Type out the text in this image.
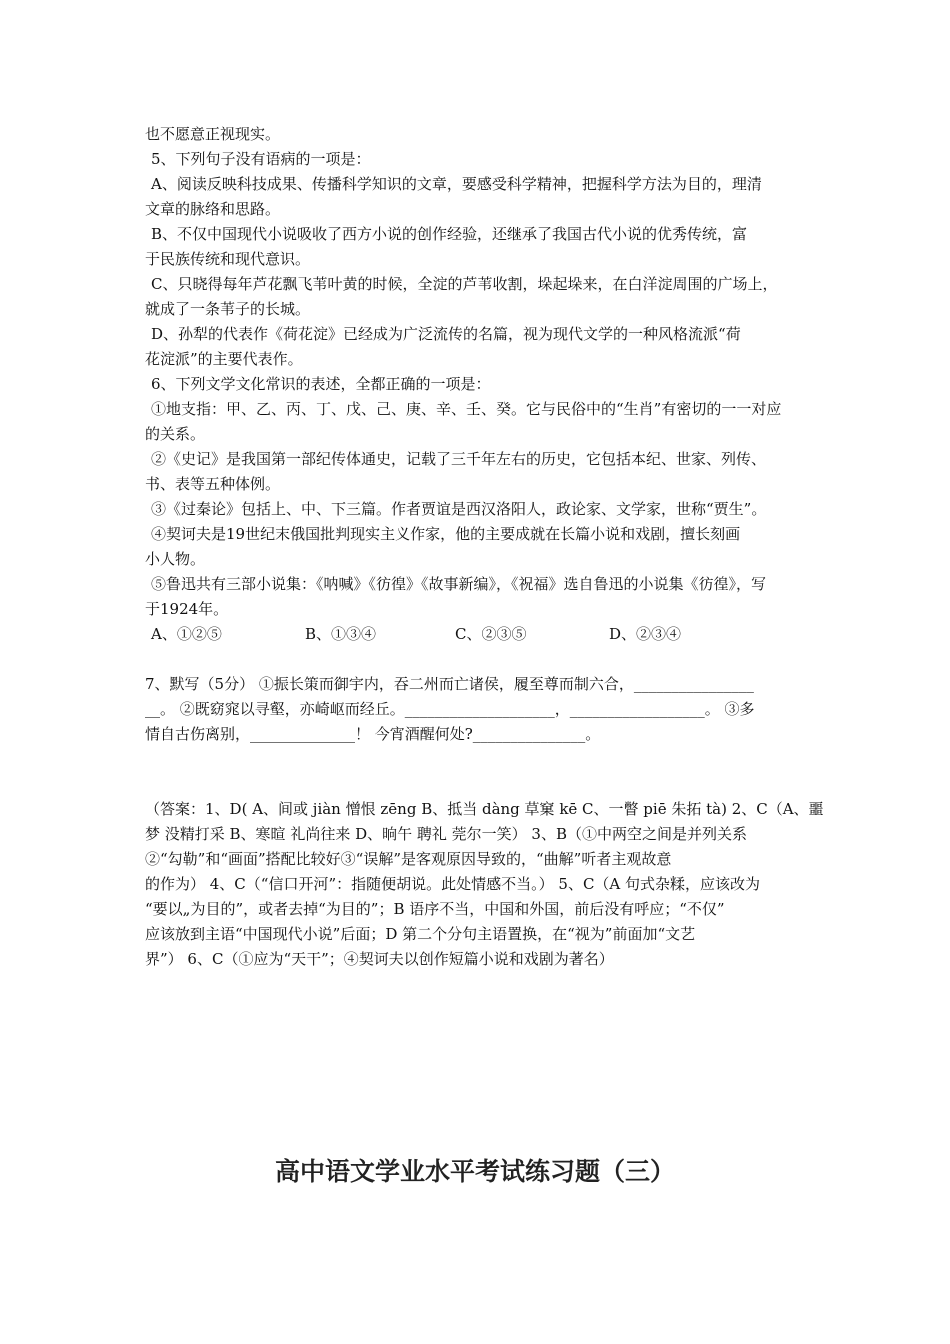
也不愿意正视现实。
5、下列句子没有语病的一项是：
A、阅读反映科技成果、传播科学知识的文章，要感受科学精神，把握科学方法为目的，理清
文章的脉络和思路。
B、不仅中国现代小说吸收了西方小说的创作经验，还继承了我国古代小说的优秀传统，富
于民族传统和现代意识。
C、只晓得每年芦花飘飞苇叶黄的时候，全淀的芦苇收割，垛起垛来，在白洋淀周围的广场上，
就成了一条苇子的长城。
D、孙犁的代表作《荷花淀》已经成为广泛流传的名篇，视为现代文学的一种风格流派“荷
花淀派”的主要代表作。
6、下列文学文化常识的表述，全都正确的一项是：
①地支指：甲、乙、丙、丁、戊、己、庚、辛、壬、癸。它与民俗中的“生肖”有密切的一一对应
的关系。
②《史记》是我国第一部纪传体通史，记载了三千年左右的历史，它包括本纪、世家、列传、
书、表等五种体例。
③《过秦论》包括上、中、下三篇。作者贾谊是西汉洛阳人，政论家、文学家，世称“贾生”。
④契诃夫是19世纪末俄国批判现实主义作家，他的主要成就在长篇小说和戏剧，擅长刻画
小人物。
⑤鲁迅共有三部小说集：《呐喊》《彷徨》《故事新编》，《祝福》选自鲁迅的小说集《彷徨》，写
于1924年。
A、①②⑤	B、①③④	C、②③⑤	D、②③④
7、默写（5分） ①振长策而御宇内，吞二州而亡诸侯，履至尊而制六合，________________
__。 ②既窈窕以寻壑，亦崎岖而经丘。____________________，__________________。 ③多
情自古伤离别，______________！ 今宵酒醒何处?_______________。
（答案：1、D( A、间或 jiàn 憎恨 zēng B、抵当 dàng 草窠 kē C、一瞥 piē 朱拓 tà) 2、C（A、噩
梦 没精打采 B、寒暄 礼尚往来 D、晌午 聘礼 莞尔一笑） 3、B（①中两空之间是并列关系
②“勾勒”和“画面”搭配比较好③“误解”是客观原因导致的，“曲解”听者主观故意
的作为） 4、C（“信口开河”：指随便胡说。此处情感不当。） 5、C（A 句式杂糅，应该改为
“要以„为目的”，或者去掉“为目的”；B 语序不当，中国和外国，前后没有呼应；“不仅”
应该放到主语“中国现代小说”后面；D 第二个分句主语置换，在“视为”前面加“文艺
界”） 6、C（①应为“天干”；④契诃夫以创作短篇小说和戏剧为著名）
高中语文学业水平考试练习题（三）
